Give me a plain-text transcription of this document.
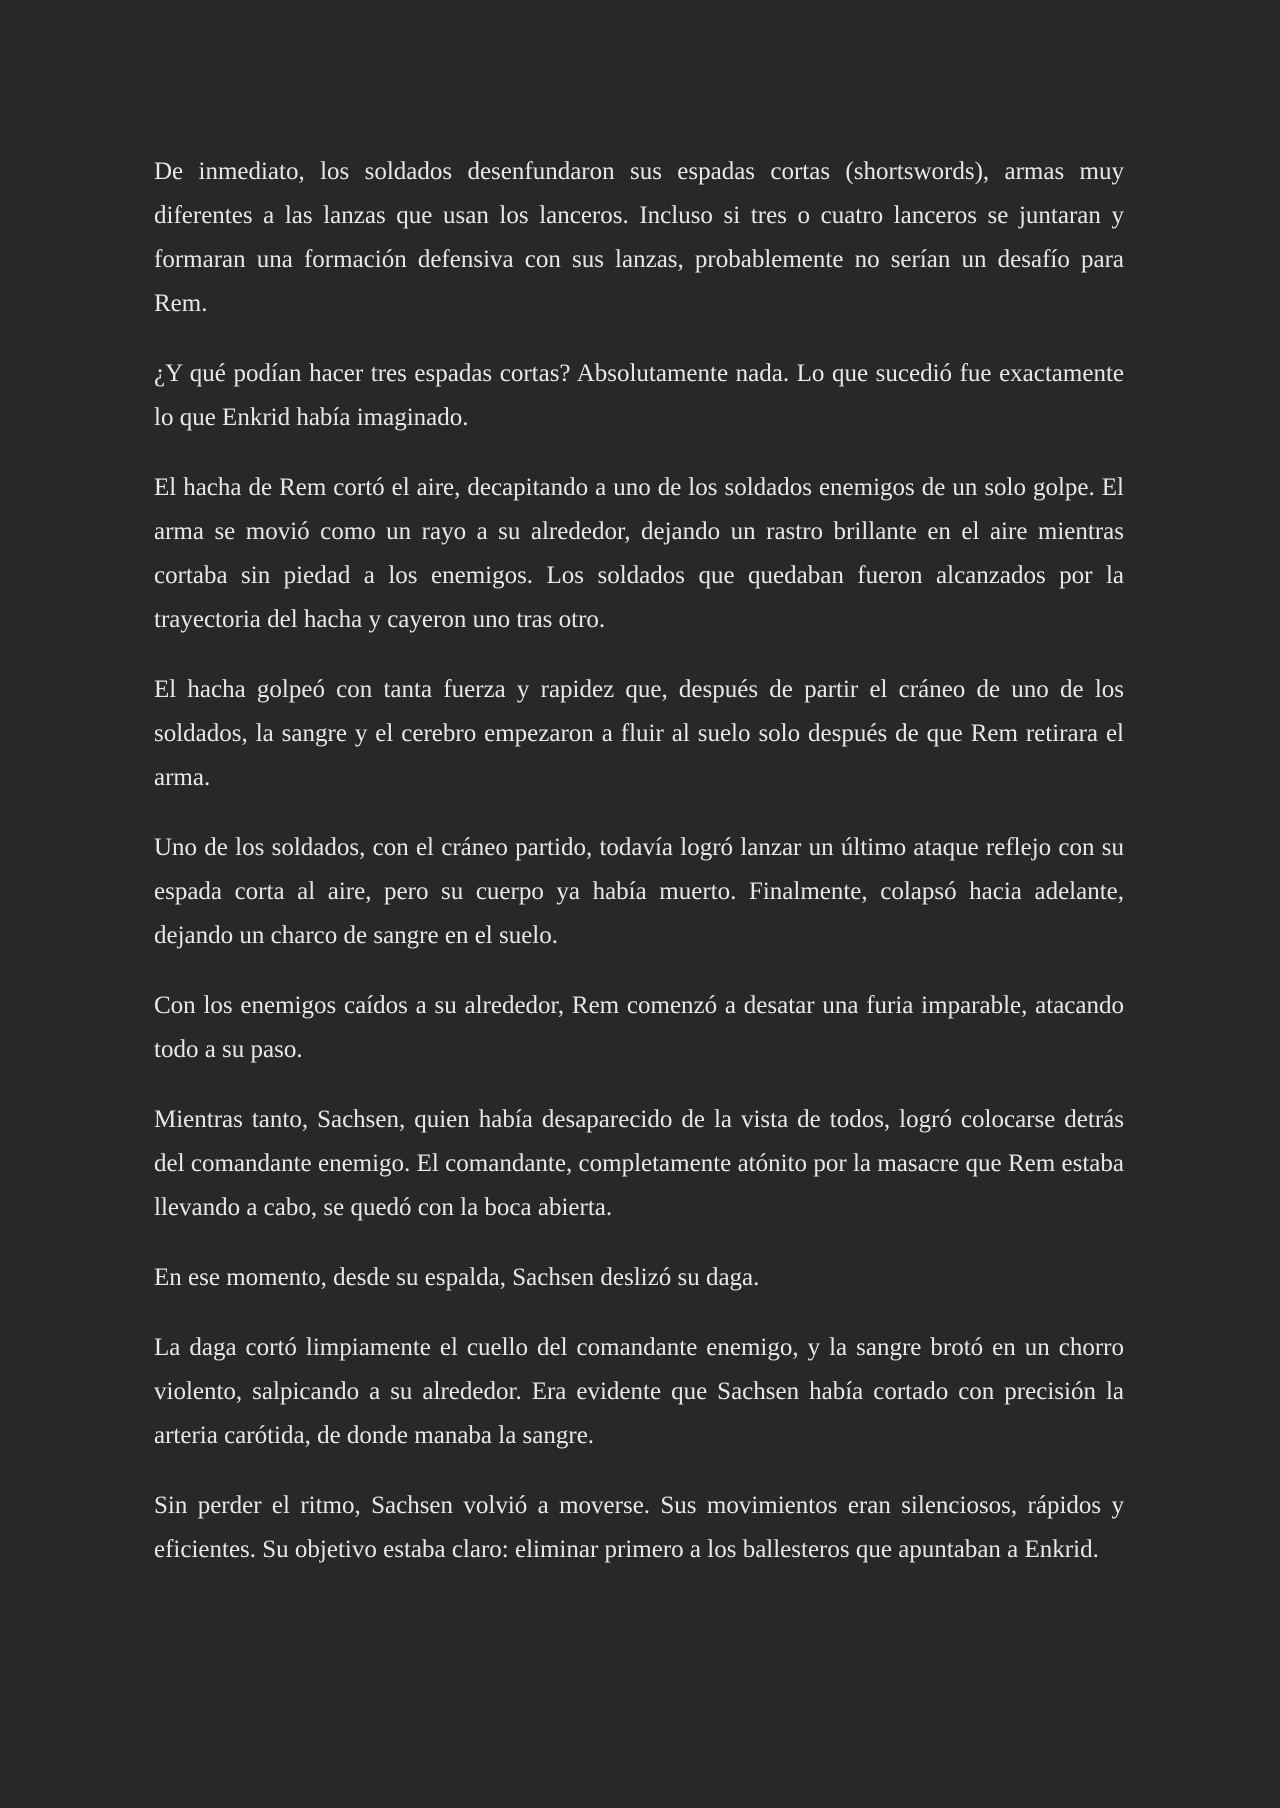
De inmediato, los soldados desenfundaron sus espadas cortas (shortswords), armas muy diferentes a las lanzas que usan los lanceros. Incluso si tres o cuatro lanceros se juntaran y formaran una formación defensiva con sus lanzas, probablemente no serían un desafío para Rem.

¿Y qué podían hacer tres espadas cortas? Absolutamente nada. Lo que sucedió fue exactamente lo que Enkrid había imaginado.

El hacha de Rem cortó el aire, decapitando a uno de los soldados enemigos de un solo golpe. El arma se movió como un rayo a su alrededor, dejando un rastro brillante en el aire mientras cortaba sin piedad a los enemigos. Los soldados que quedaban fueron alcanzados por la trayectoria del hacha y cayeron uno tras otro.

El hacha golpeó con tanta fuerza y rapidez que, después de partir el cráneo de uno de los soldados, la sangre y el cerebro empezaron a fluir al suelo solo después de que Rem retirara el arma.

Uno de los soldados, con el cráneo partido, todavía logró lanzar un último ataque reflejo con su espada corta al aire, pero su cuerpo ya había muerto. Finalmente, colapsó hacia adelante, dejando un charco de sangre en el suelo.

Con los enemigos caídos a su alrededor, Rem comenzó a desatar una furia imparable, atacando todo a su paso.

Mientras tanto, Sachsen, quien había desaparecido de la vista de todos, logró colocarse detrás del comandante enemigo. El comandante, completamente atónito por la masacre que Rem estaba llevando a cabo, se quedó con la boca abierta.

En ese momento, desde su espalda, Sachsen deslizó su daga.

La daga cortó limpiamente el cuello del comandante enemigo, y la sangre brotó en un chorro violento, salpicando a su alrededor. Era evidente que Sachsen había cortado con precisión la arteria carótida, de donde manaba la sangre.

Sin perder el ritmo, Sachsen volvió a moverse. Sus movimientos eran silenciosos, rápidos y eficientes. Su objetivo estaba claro: eliminar primero a los ballesteros que apuntaban a Enkrid.
